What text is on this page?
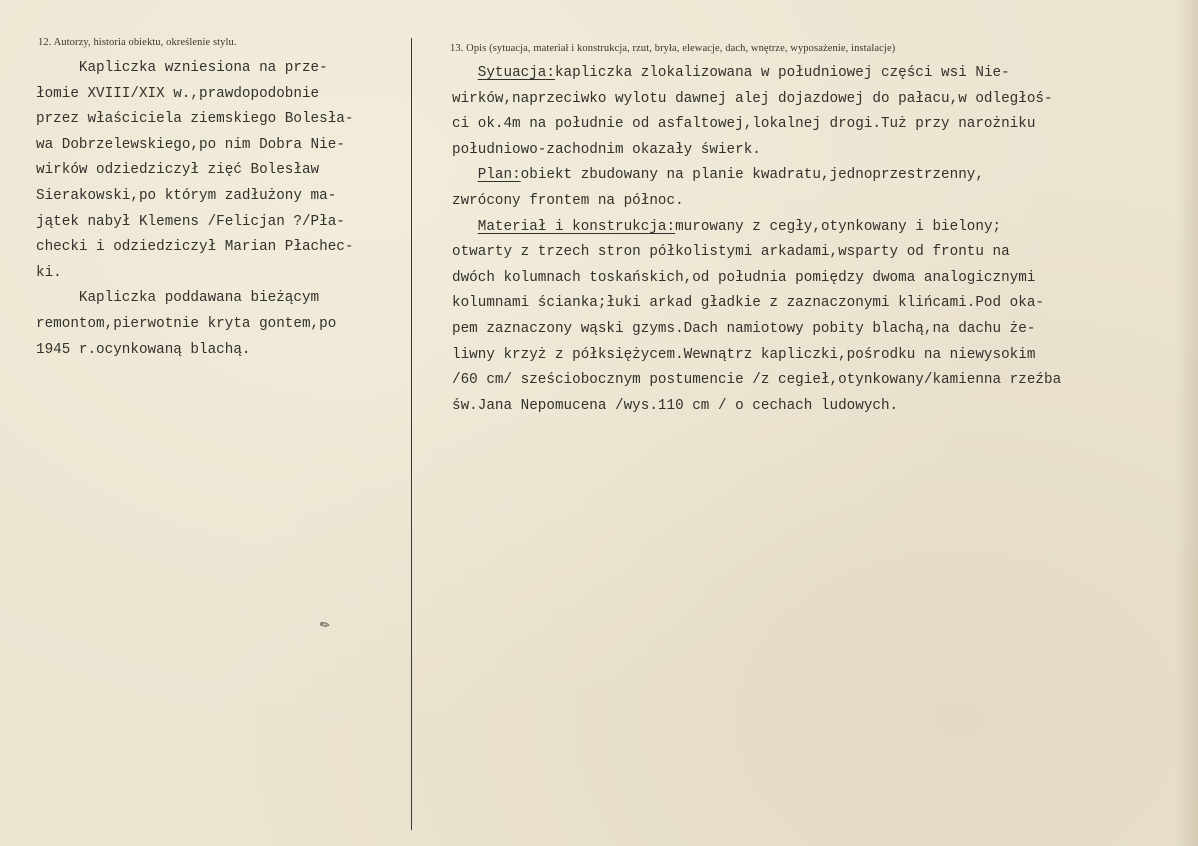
12. Autorzy, historia obiektu, określenie stylu.
13. Opis (sytuacja, materiał i konstrukcja, rzut, bryła, elewacje, dach, wnętrze, wyposażenie, instalacje)
Kapliczka wzniesiona na prze-
łomie XVIII/XIX w.,prawdopodobnie
przez właściciela ziemskiego Bolesła-
wa Dobrzelewskiego,po nim Dobra Nie-
wirków odziedziczył zięć Bolesław
Sierakowski,po którym zadłużony ma-
jątek nabył Klemens /Felicjan ?/Pła-
checki i odziedziczył Marian Płachec-
ki.
Kapliczka poddawana bieżącym
remontom,pierwotnie kryta gontem,po
1945 r.ocynkowaną blachą.
Sytuacja:kapliczka zlokalizowana w południowej części wsi Nie-
wirków,naprzeciwko wylotu dawnej alej dojazdowej do pałacu,w odległoś-
ci ok.4m na południe od asfaltowej,lokalnej drogi.Tuż przy narożniku
południowo-zachodnim okazały świerk.
Plan:obiekt zbudowany na planie kwadratu,jednoprzestrzenny,
zwrócony frontem na północ.
Materiał i konstrukcja:murowany z cegły,otynkowany i bielony;
otwarty z trzech stron półkolistymi arkadami,wsparty od frontu na
dwóch kolumnach toskańskich,od południa pomiędzy dwoma analogicznymi
kolumnami ścianka;łuki arkad gładkie z zaznaczonymi klińcami.Pod oka-
pem zaznaczony wąski gzyms.Dach namiotowy pobity blachą,na dachu że-
liwny krzyż z półksiężycem.Wewnątrz kapliczki,pośrodku na niewysokim
/60 cm/ sześciobocznym postumencie /z cegieł,otynkowany/kamienna rzeźba
św.Jana Nepomucena /wys.110 cm / o cechach ludowych.
✎
